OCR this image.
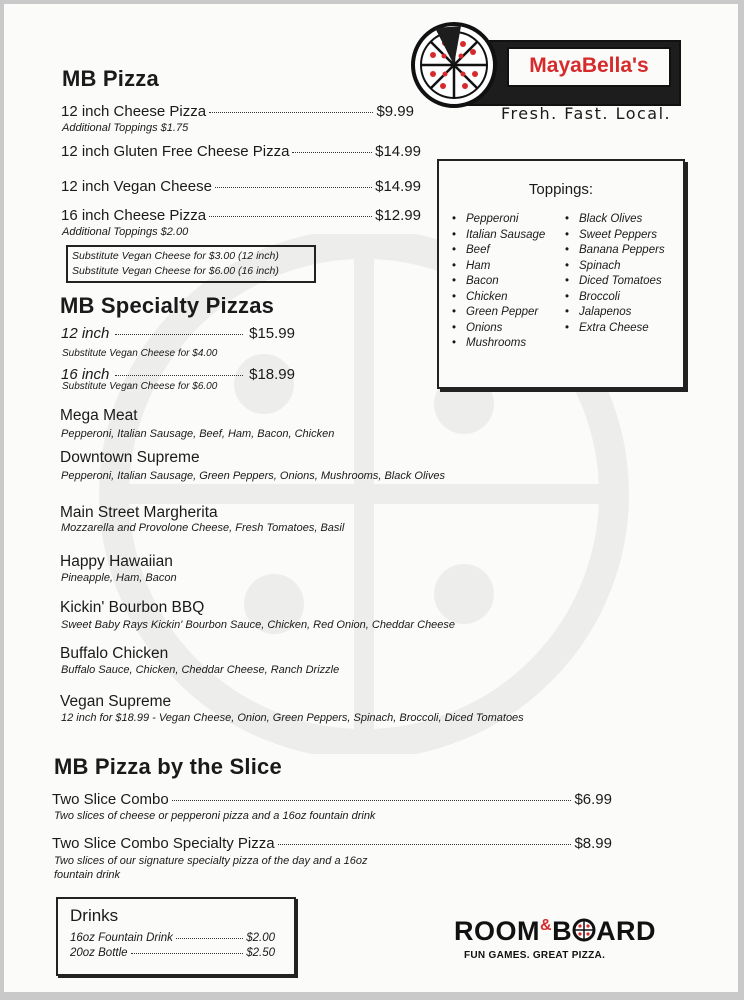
MayaBella's
Fresh. Fast. Local.
MB Pizza
12 inch Cheese Pizza	$9.99
Additional Toppings $1.75
12 inch Gluten Free Cheese Pizza	$14.99
12 inch Vegan Cheese	$14.99
16 inch Cheese Pizza	$12.99
Additional Toppings $2.00
Substitute Vegan Cheese for $3.00 (12 inch)
Substitute Vegan Cheese for $6.00 (16 inch)
Toppings:
• Pepperoni
• Italian Sausage
• Beef
• Ham
• Bacon
• Chicken
• Green Pepper
• Onions
• Mushrooms
• Black Olives
• Sweet Peppers
• Banana Peppers
• Spinach
• Diced Tomatoes
• Broccoli
• Jalapenos
• Extra Cheese
MB Specialty Pizzas
12 inch	$15.99
Substitute Vegan Cheese for $4.00
16 inch	$18.99
Substitute Vegan Cheese for $6.00
Mega Meat
Pepperoni, Italian Sausage, Beef, Ham, Bacon, Chicken
Downtown Supreme
Pepperoni, Italian Sausage, Green Peppers, Onions, Mushrooms, Black Olives
Main Street Margherita
Mozzarella and Provolone Cheese, Fresh Tomatoes, Basil
Happy Hawaiian
Pineapple, Ham, Bacon
Kickin' Bourbon BBQ
Sweet Baby Rays Kickin' Bourbon Sauce, Chicken, Red Onion, Cheddar Cheese
Buffalo Chicken
Buffalo Sauce, Chicken, Cheddar Cheese, Ranch Drizzle
Vegan Supreme
12 inch for $18.99 - Vegan Cheese, Onion, Green Peppers, Spinach, Broccoli, Diced Tomatoes
MB Pizza by the Slice
Two Slice Combo	$6.99
Two slices of cheese or pepperoni pizza and a 16oz fountain drink
Two Slice Combo Specialty Pizza	$8.99
Two slices of our signature specialty pizza of the day and a 16oz
fountain drink
Drinks
16oz Fountain Drink	$2.00
20oz Bottle	$2.50
ROOM&B ARD
FUN GAMES. GREAT PIZZA.
